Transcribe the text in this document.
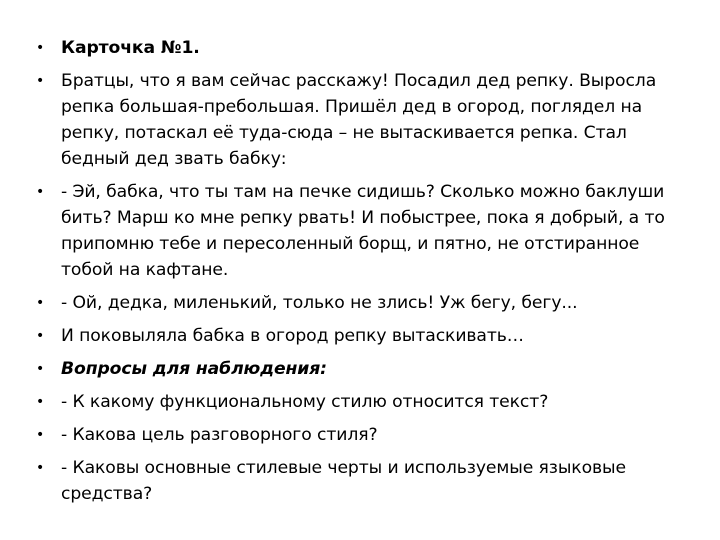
• Карточка №1.
• Братцы, что я вам сейчас расскажу! Посадил дед репку. Выросла репка большая-пребольшая. Пришёл дед в огород, поглядел на репку, потаскал её туда-сюда – не вытаскивается репка. Стал бедный дед звать бабку:
• - Эй, бабка, что ты там на печке сидишь? Сколько можно баклуши бить? Марш ко мне репку рвать! И побыстрее, пока я добрый, а то припомню тебе и пересоленный борщ, и пятно, не отстиранное тобой на кафтане.
• - Ой, дедка, миленький, только не злись! Уж бегу, бегу...
• И поковыляла бабка в огород репку вытаскивать…
• Вопросы для наблюдения:
• - К какому функциональному стилю относится текст?
• - Какова цель разговорного стиля?
• - Каковы основные стилевые черты и используемые языковые средства?
